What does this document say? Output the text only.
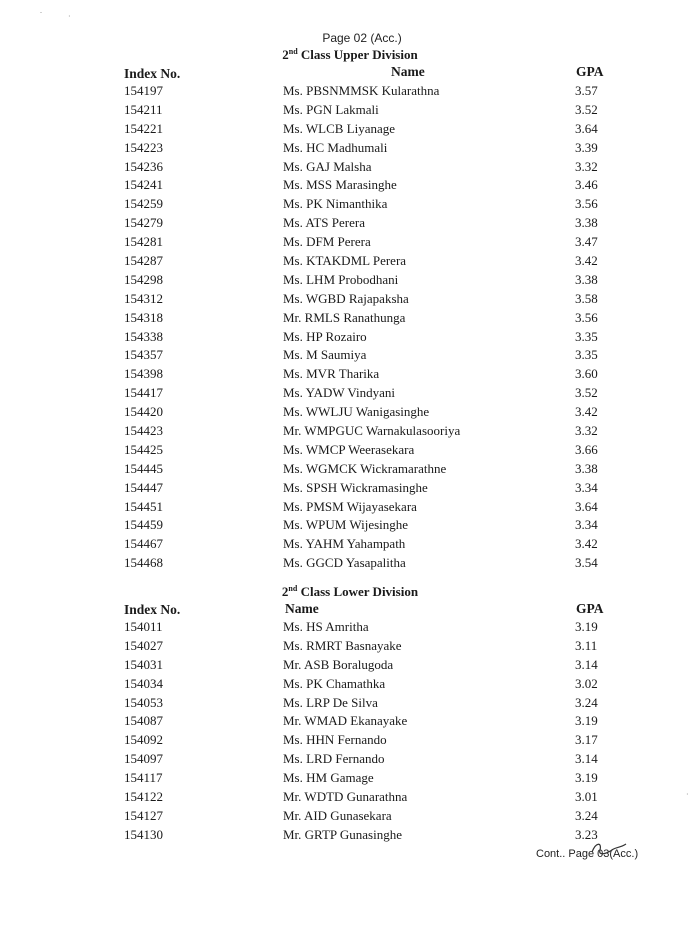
.
·
·
Page 02 (Acc.)
2nd Class Upper Division
Index No.	Name	GPA
154197	Ms. PBSNMMSK Kularathna	3.57
154211	Ms. PGN Lakmali	3.52
154221	Ms. WLCB Liyanage	3.64
154223	Ms. HC Madhumali	3.39
154236	Ms. GAJ Malsha	3.32
154241	Ms. MSS Marasinghe	3.46
154259	Ms. PK Nimanthika	3.56
154279	Ms. ATS Perera	3.38
154281	Ms. DFM Perera	3.47
154287	Ms. KTAKDML Perera	3.42
154298	Ms. LHM Probodhani	3.38
154312	Ms. WGBD Rajapaksha	3.58
154318	Mr. RMLS Ranathunga	3.56
154338	Ms. HP Rozairo	3.35
154357	Ms. M Saumiya	3.35
154398	Ms. MVR Tharika	3.60
154417	Ms. YADW Vindyani	3.52
154420	Ms. WWLJU Wanigasinghe	3.42
154423	Mr. WMPGUC Warnakulasooriya	3.32
154425	Ms. WMCP Weerasekara	3.66
154445	Ms. WGMCK Wickramarathne	3.38
154447	Ms. SPSH Wickramasinghe	3.34
154451	Ms. PMSM Wijayasekara	3.64
154459	Ms. WPUM Wijesinghe	3.34
154467	Ms. YAHM Yahampath	3.42
154468	Ms. GGCD Yasapalitha	3.54
2nd Class Lower Division
Index No.	Name	GPA
154011	Ms. HS Amritha	3.19
154027	Ms. RMRT Basnayake	3.11
154031	Mr. ASB Boralugoda	3.14
154034	Ms. PK Chamathka	3.02
154053	Ms. LRP De Silva	3.24
154087	Mr. WMAD Ekanayake	3.19
154092	Ms. HHN Fernando	3.17
154097	Ms. LRD Fernando	3.14
154117	Ms. HM Gamage	3.19
154122	Mr. WDTD Gunarathna	3.01
154127	Mr. AID Gunasekara	3.24
154130	Mr. GRTP Gunasinghe	3.23
Cont.. Page 03(Acc.)
